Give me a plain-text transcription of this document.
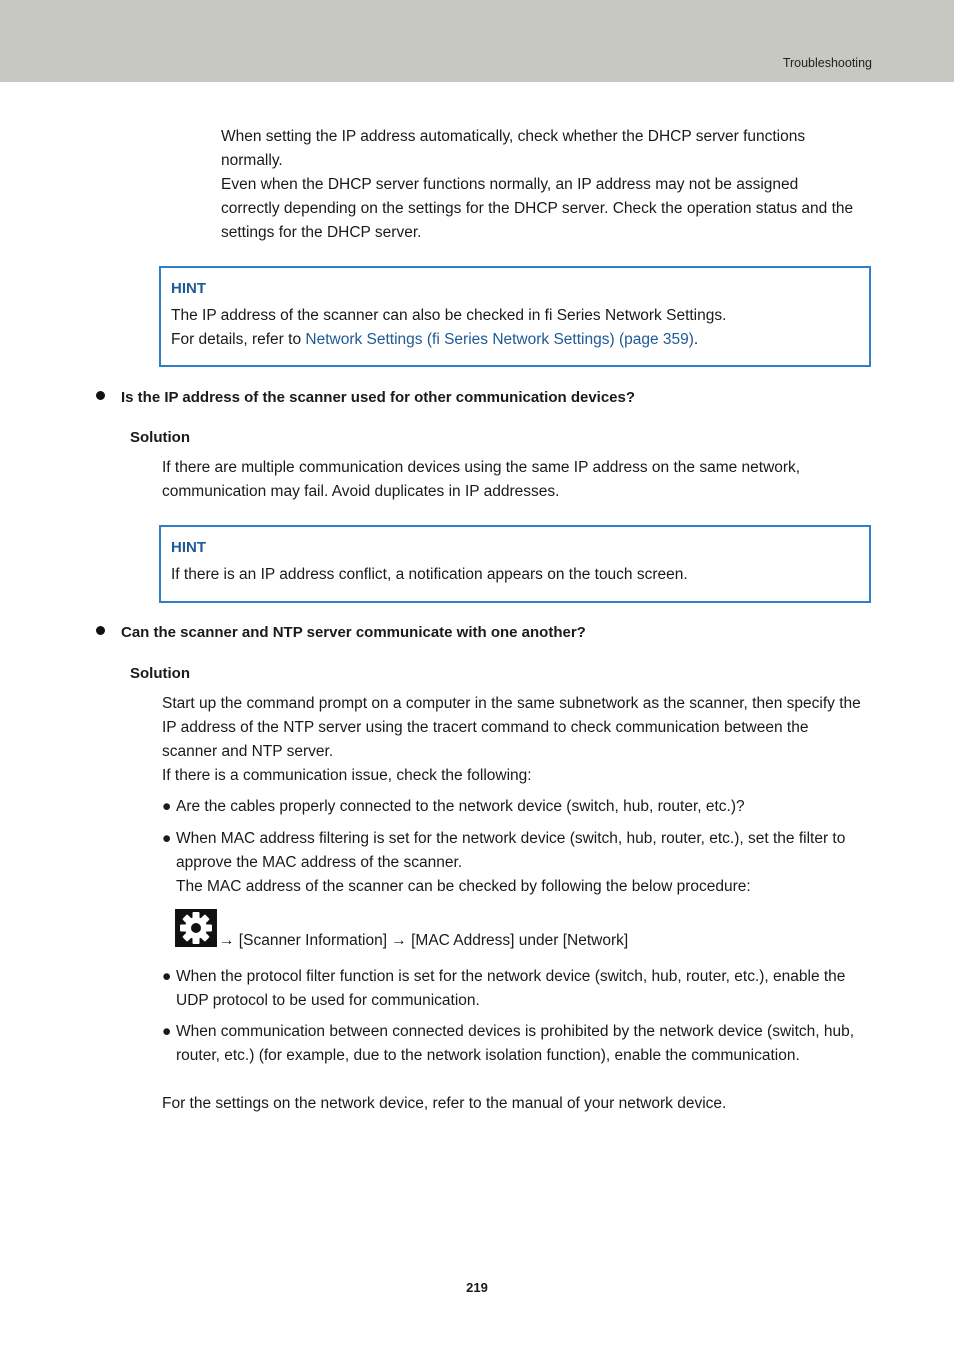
Troubleshooting

When setting the IP address automatically, check whether the DHCP server functions normally.

Even when the DHCP server functions normally, an IP address may not be assigned correctly depending on the settings for the DHCP server. Check the operation status and the settings for the DHCP server.

HINT
The IP address of the scanner can also be checked in fi Series Network Settings.
For details, refer to Network Settings (fi Series Network Settings) (page 359).
Is the IP address of the scanner used for other communication devices?
Solution
If there are multiple communication devices using the same IP address on the same network, communication may fail. Avoid duplicates in IP addresses.
HINT
If there is an IP address conflict, a notification appears on the touch screen.
Can the scanner and NTP server communicate with one another?
Solution

Start up the command prompt on a computer in the same subnetwork as the scanner, then specify the IP address of the NTP server using the tracert command to check communication between the scanner and NTP server.

If there is a communication issue, check the following:

● Are the cables properly connected to the network device (switch, hub, router, etc.)?
● When MAC address filtering is set for the network device (switch, hub, router, etc.), set the filter to approve the MAC address of the scanner.
The MAC address of the scanner can be checked by following the below procedure:
→ [Scanner Information] → [MAC Address] under [Network]
● When the protocol filter function is set for the network device (switch, hub, router, etc.), enable the UDP protocol to be used for communication.
● When communication between connected devices is prohibited by the network device (switch, hub, router, etc.) (for example, due to the network isolation function), enable the communication.
For the settings on the network device, refer to the manual of your network device.
219
